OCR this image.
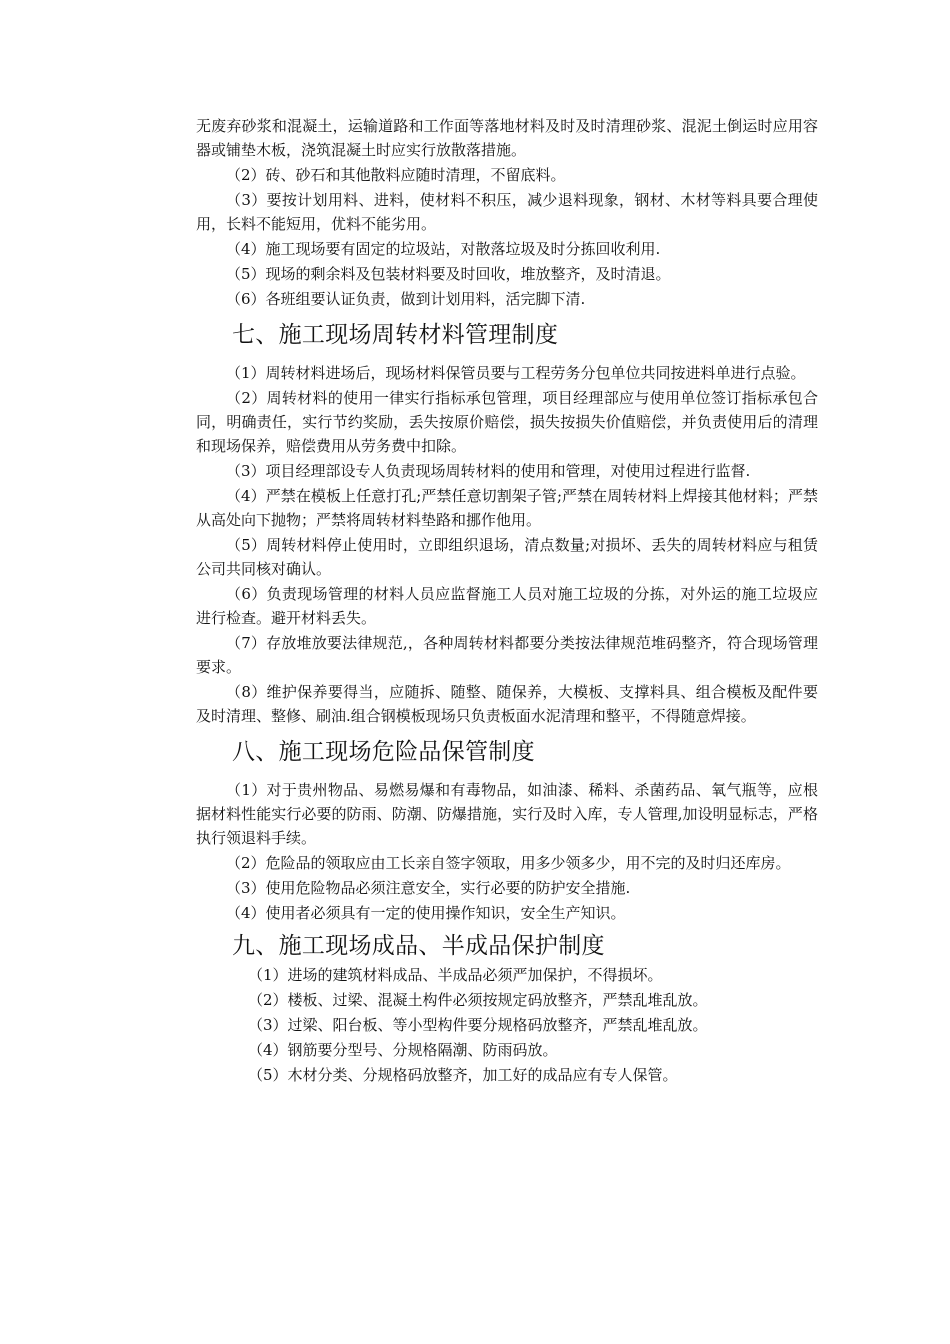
无废弃砂浆和混凝土，运输道路和工作面等落地材料及时及时清理砂浆、混泥土倒运时应用容器或铺垫木板，浇筑混凝土时应实行放散落措施。

（2）砖、砂石和其他散料应随时清理，不留底料。

（3）要按计划用料、进料，使材料不积压，减少退料现象，钢材、木材等料具要合理使用，长料不能短用，优料不能劣用。

（4）施工现场要有固定的垃圾站，对散落垃圾及时分拣回收利用.

（5）现场的剩余料及包装材料要及时回收，堆放整齐，及时清退。

（6）各班组要认证负责，做到计划用料，活完脚下清.

七、施工现场周转材料管理制度

（1）周转材料进场后，现场材料保管员要与工程劳务分包单位共同按进料单进行点验。

（2）周转材料的使用一律实行指标承包管理，项目经理部应与使用单位签订指标承包合同，明确责任，实行节约奖励，丢失按原价赔偿，损失按损失价值赔偿，并负责使用后的清理和现场保养，赔偿费用从劳务费中扣除。

（3）项目经理部设专人负责现场周转材料的使用和管理，对使用过程进行监督.

（4）严禁在模板上任意打孔;严禁任意切割架子管;严禁在周转材料上焊接其他材料；严禁从高处向下抛物；严禁将周转材料垫路和挪作他用。

（5）周转材料停止使用时，立即组织退场，清点数量;对损坏、丢失的周转材料应与租赁公司共同核对确认。

（6）负责现场管理的材料人员应监督施工人员对施工垃圾的分拣，对外运的施工垃圾应进行检查。避开材料丢失。

（7）存放堆放要法律规范,，各种周转材料都要分类按法律规范堆码整齐，符合现场管理要求。

（8）维护保养要得当，应随拆、随整、随保养，大模板、支撑料具、组合模板及配件要及时清理、整修、刷油.组合钢模板现场只负责板面水泥清理和整平，不得随意焊接。

八、施工现场危险品保管制度

（1）对于贵州物品、易燃易爆和有毒物品，如油漆、稀料、杀菌药品、氧气瓶等，应根据材料性能实行必要的防雨、防潮、防爆措施，实行及时入库，专人管理,加设明显标志，严格执行领退料手续。

（2）危险品的领取应由工长亲自签字领取，用多少领多少，用不完的及时归还库房。

（3）使用危险物品必须注意安全，实行必要的防护安全措施.

（4）使用者必须具有一定的使用操作知识，安全生产知识。

九、施工现场成品、半成品保护制度

（1）进场的建筑材料成品、半成品必须严加保护，不得损坏。

（2）楼板、过梁、混凝土构件必须按规定码放整齐，严禁乱堆乱放。

（3）过梁、阳台板、等小型构件要分规格码放整齐，严禁乱堆乱放。

（4）钢筋要分型号、分规格隔潮、防雨码放。

（5）木材分类、分规格码放整齐，加工好的成品应有专人保管。
